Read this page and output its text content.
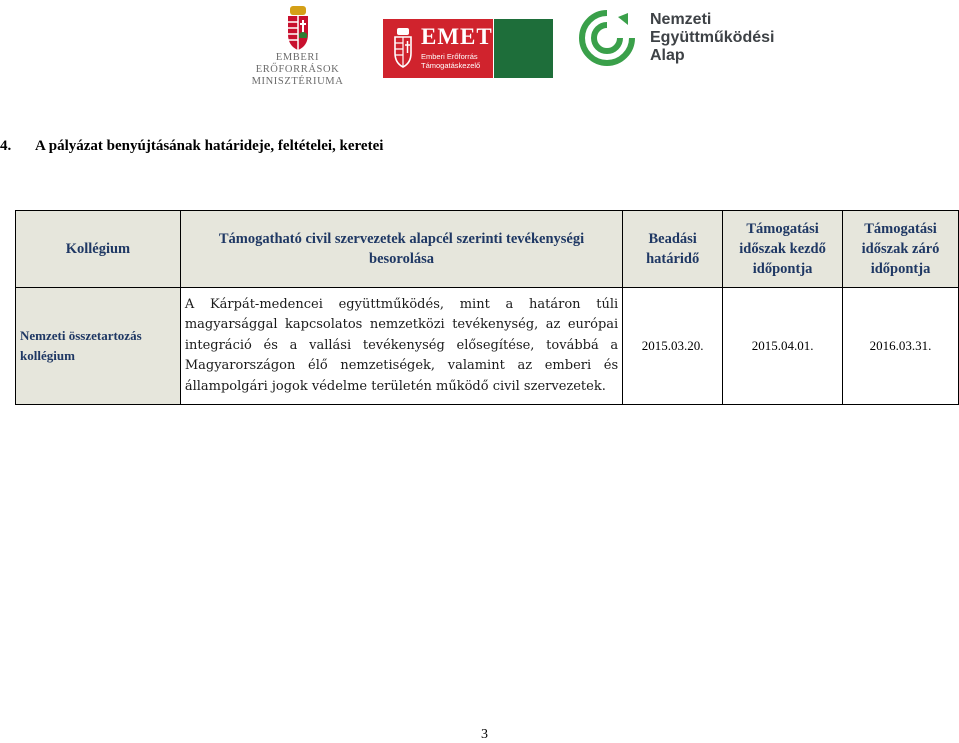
EMBERI ERŐFORRÁSOK
MINISZTÉRIUMA
EMET
Emberi Erőforrás
Támogatáskezelő
Nemzeti
Együttműködési
Alap
4. A pályázat benyújtásának határideje, feltételei, keretei
Kollégium	Támogatható civil szervezetek alapcél szerinti tevékenységi besorolása	Beadási határidő	Támogatási időszak kezdő időpontja	Támogatási időszak záró időpontja
Nemzeti összetartozás kollégium	A Kárpát-medencei együttműködés, mint a határon túli magyarsággal kapcsolatos nemzetközi tevékenység, az európai integráció és a vallási tevékenység elősegítése, továbbá a Magyarországon élő nemzetiségek, valamint az emberi és állampolgári jogok védelme területén működő civil szervezetek.	2015.03.20.	2015.04.01.	2016.03.31.
3
